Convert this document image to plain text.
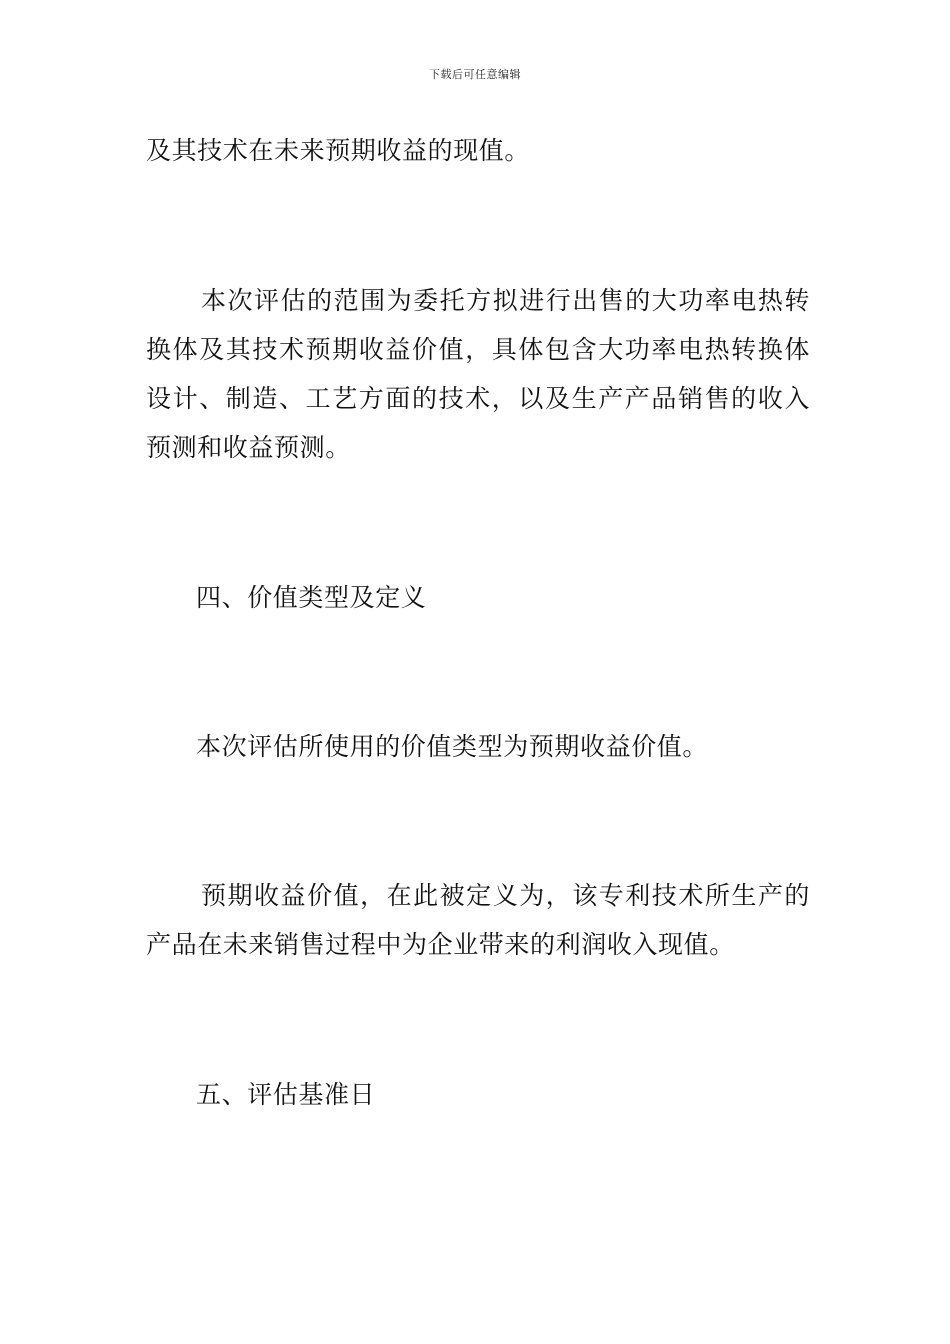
下载后可任意编辑

及其技术在未来预期收益的现值。

本次评估的范围为委托方拟进行出售的大功率电热转换体及其技术预期收益价值，具体包含大功率电热转换体设计、制造、工艺方面的技术，以及生产产品销售的收入预测和收益预测。

四、价值类型及定义

本次评估所使用的价值类型为预期收益价值。

预期收益价值，在此被定义为，该专利技术所生产的产品在未来销售过程中为企业带来的利润收入现值。

五、评估基准日
